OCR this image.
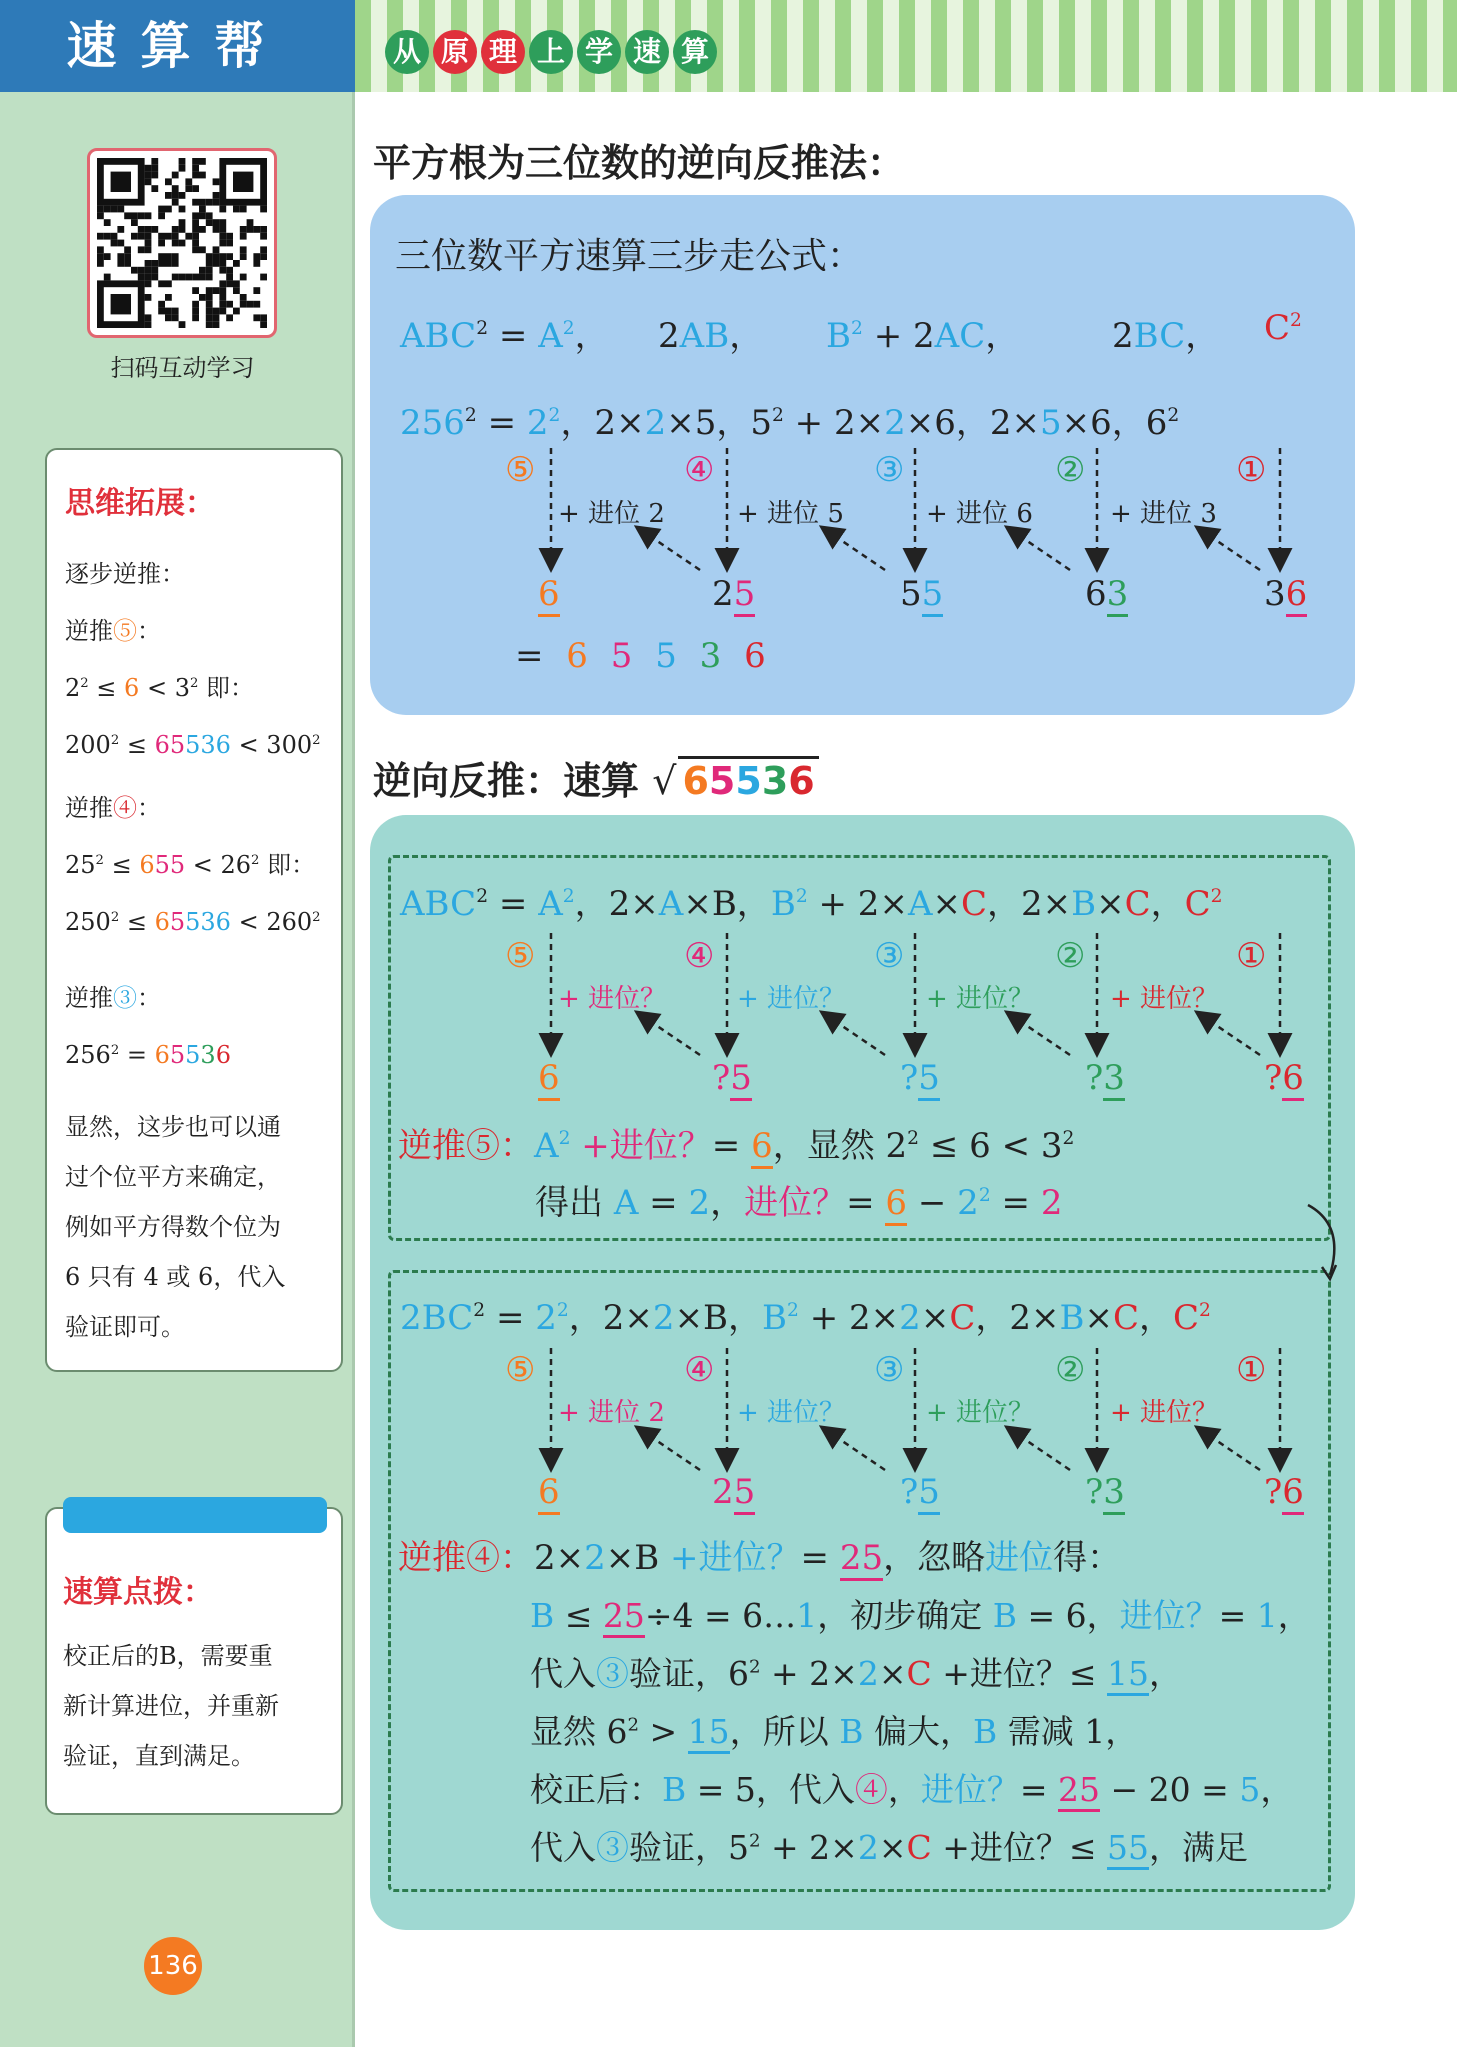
速算帮	从 原 理 上 学 速 算
扫码互动学习
思维拓展：
逐步逆推：
逆推⑤：
$2^2 \le 6 < 3^2$ 即：
$200^2 \le 65536 < 300^2$
逆推④：
$25^2 \le 655 < 26^2$ 即：
$250^2 \le 65536 < 260^2$
逆推③：
$256^2 = 65536$
显然，这步也可以通
过个位平方来确定，
例如平方得数个位为
6 只有 4 或 6，代入
验证即可。
速算点拨：
校正后的B，需要重
新计算进位，并重新
验证，直到满足。
136
平方根为三位数的逆向反推法：
三位数平方速算三步走公式：
$ABC^2 = A^2$， 2AB， $B^2 + 2AC$，	2BC， $C^2$
$256^2 = 2^2$，2×2×5，$5^2 + 2\times 2\times 6$，2×5×6，$6^2$
⑤	④	③	②	①
+ 进位 2	+ 进位 5	+ 进位 6	+ 进位 3
6	25	55	63	36
= 6 5 5 3 6
逆向反推：速算 √ 65536
$ABC^2 = A^2$，2×A×B，$B^2 + 2\times A\times C$，2×B×C，$C^2$
⑤	④	③	②	①
+ 进位？	+ 进位？	+ 进位？	+ 进位？
6	?5	?5	?3	?6
逆推⑤：$A^2$ +进位？= 6，显然 $2^2 \le 6 < 3^2$
得出 A = 2，进位？= $6 - 2^2 = 2$
$2BC^2 = 2^2$，2×2×B，$B^2 + 2\times 2\times C$，2×B×C，$C^2$
⑤	④	③	②	①
+ 进位 2	+ 进位？	+ 进位？	+ 进位？
6	25	?5	?3	?6
逆推④：2×2×B +进位？= 25，忽略进位得：
B ≤ 25÷4 = 6…1，初步确定 B = 6，进位？= 1，
代入③验证，$6^2 + 2\times 2\times C$ +进位？≤ 15，
显然 $6^2 > 15$，所以 B 偏大，B 需减 1，
校正后：B = 5，代入④，进位？= 25 − 20 = 5，
代入③验证，$5^2 + 2\times 2\times C$ +进位？≤ 55，满足
